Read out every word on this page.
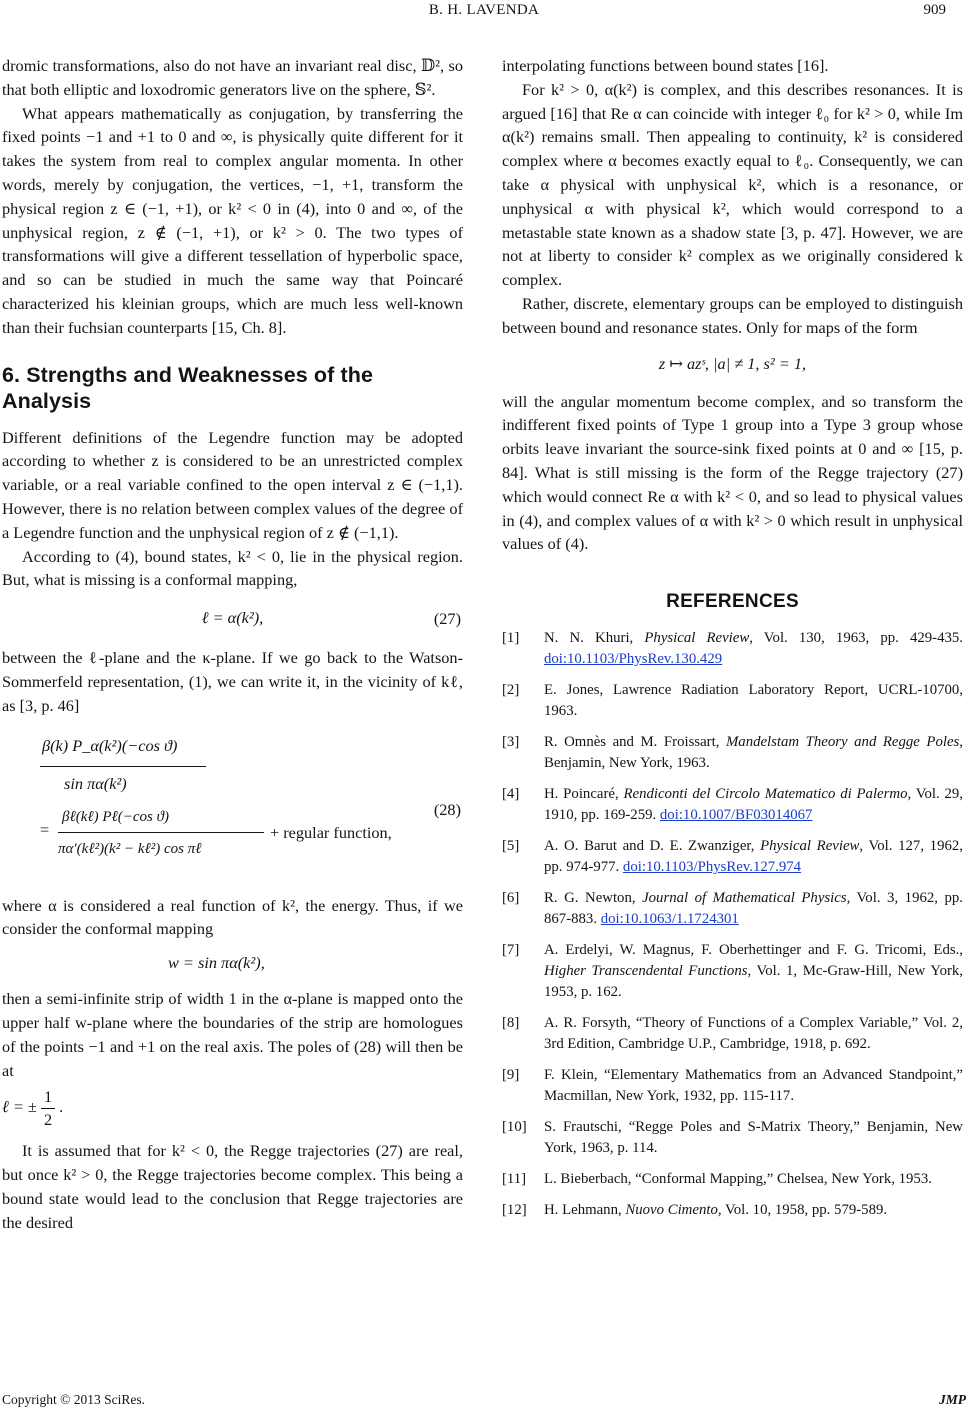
B. H. LAVENDA	909

dromic transformations, also do not have an invariant real disc, 𝔻², so that both elliptic and loxodromic generators live on the sphere, 𝕊².

What appears mathematically as conjugation, by transferring the fixed points −1 and +1 to 0 and ∞, is physically quite different for it takes the system from real to complex angular momenta. In other words, merely by conjugation, the vertices, −1, +1, transform the physical region z ∈ (−1, +1), or k² < 0 in (4), into 0 and ∞, of the unphysical region, z ∉ (−1, +1), or k² > 0. The two types of transformations will give a different tessellation of hyperbolic space, and so can be studied in much the same way that Poincaré characterized his kleinian groups, which are much less well-known than their fuchsian counterparts [15, Ch. 8].

6. Strengths and Weaknesses of the Analysis

Different definitions of the Legendre function may be adopted according to whether z is considered to be an unrestricted complex variable, or a real variable confined to the open interval z ∈ (−1,1). However, there is no relation between complex values of the degree of a Legendre function and the unphysical region of z ∉ (−1,1).

According to (4), bound states, k² < 0, lie in the physical region. But, what is missing is a conformal mapping,

ℓ = α(k²),	(27)

between the ℓ-plane and the κ-plane. If we go back to the Watson-Sommerfeld representation, (1), we can write it, in the vicinity of kℓ, as [3, p. 46]

β(k) P_α(k²)(−cos ϑ)
sin πα(k²)
=
βℓ(kℓ) Pℓ(−cos ϑ)
πα′(kℓ²)(k² − kℓ²) cos πℓ
+ regular function,
(28)

where α is considered a real function of k², the energy. Thus, if we consider the conformal mapping

w = sin πα(k²),

then a semi-infinite strip of width 1 in the α-plane is mapped onto the upper half w-plane where the boundaries of the strip are homologues of the points −1 and +1 on the real axis. The poles of (28) will then be at

ℓ = ± $\frac{1}{2}$ .

It is assumed that for k² < 0, the Regge trajectories (27) are real, but once k² > 0, the Regge trajectories become complex. This being a bound state would lead to the conclusion that Regge trajectories are the desired

interpolating functions between bound states [16].

For k² > 0, α(k²) is complex, and this describes resonances. It is argued [16] that Re α can coincide with integer ℓ₀ for k² > 0, while Im α(k²) remains small. Then appealing to continuity, k² is considered complex where α becomes exactly equal to ℓ₀. Consequently, we can take α physical with unphysical k², which is a resonance, or unphysical α with physical k², which would correspond to a metastable state known as a shadow state [3, p. 47]. However, we are not at liberty to consider k² complex as we originally considered k complex.

Rather, discrete, elementary groups can be employed to distinguish between bound and resonance states. Only for maps of the form

z ↦ azˢ, |a| ≠ 1, s² = 1,

will the angular momentum become complex, and so transform the indifferent fixed points of Type 1 group into a Type 3 group whose orbits leave invariant the source-sink fixed points at 0 and ∞ [15, p. 84]. What is still missing is the form of the Regge trajectory (27) which would connect Re α with k² < 0, and so lead to physical values in (4), and complex values of α with k² > 0 which result in unphysical values of (4).

REFERENCES
[1]	N. N. Khuri, Physical Review, Vol. 130, 1963, pp. 429-435. doi:10.1103/PhysRev.130.429
[2]	E. Jones, Lawrence Radiation Laboratory Report, UCRL-10700, 1963.
[3]	R. Omnès and M. Froissart, Mandelstam Theory and Regge Poles, Benjamin, New York, 1963.
[4]	H. Poincaré, Rendiconti del Circolo Matematico di Palermo, Vol. 29, 1910, pp. 169-259. doi:10.1007/BF03014067
[5]	A. O. Barut and D. E. Zwanziger, Physical Review, Vol. 127, 1962, pp. 974-977. doi:10.1103/PhysRev.127.974
[6]	R. G. Newton, Journal of Mathematical Physics, Vol. 3, 1962, pp. 867-883. doi:10.1063/1.1724301
[7]	A. Erdelyi, W. Magnus, F. Oberhettinger and F. G. Tricomi, Eds., Higher Transcendental Functions, Vol. 1, Mc-Graw-Hill, New York, 1953, p. 162.
[8]	A. R. Forsyth, “Theory of Functions of a Complex Variable,” Vol. 2, 3rd Edition, Cambridge U.P., Cambridge, 1918, p. 692.
[9]	F. Klein, “Elementary Mathematics from an Advanced Standpoint,” Macmillan, New York, 1932, pp. 115-117.
[10]	S. Frautschi, “Regge Poles and S-Matrix Theory,” Benjamin, New York, 1963, p. 114.
[11]	L. Bieberbach, “Conformal Mapping,” Chelsea, New York, 1953.
[12]	H. Lehmann, Nuovo Cimento, Vol. 10, 1958, pp. 579-589.
Copyright © 2013 SciRes.	JMP
